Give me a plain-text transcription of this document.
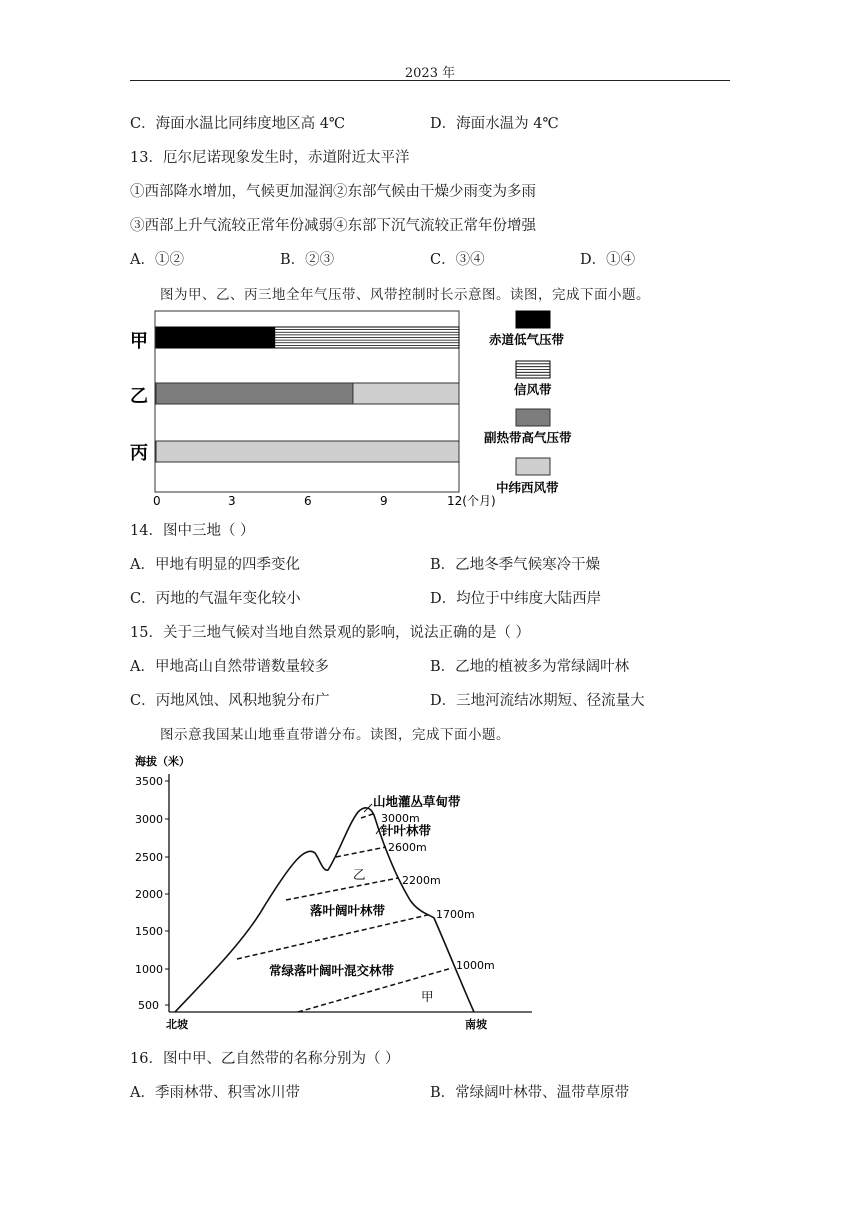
2023 年
C．海面水温比同纬度地区高 4℃	D．海面水温为 4℃
13．厄尔尼诺现象发生时，赤道附近太平洋
①西部降水增加，气候更加湿润②东部气候由干燥少雨变为多雨
③西部上升气流较正常年份减弱④东部下沉气流较正常年份增强
A．①②	B．②③	C．③④	D．①④
图为甲、乙、丙三地全年气压带、风带控制时长示意图。读图，完成下面小题。
甲
乙
丙
0	3	6	9	12(个月)
赤道低气压带
信风带
副热带高气压带
中纬西风带
14．图中三地（ ）
A．甲地有明显的四季变化	B．乙地冬季气候寒冷干燥
C．丙地的气温年变化较小	D．均位于中纬度大陆西岸
15．关于三地气候对当地自然景观的影响，说法正确的是（ ）
A．甲地高山自然带谱数量较多	B．乙地的植被多为常绿阔叶林
C．丙地风蚀、风积地貌分布广	D．三地河流结冰期短、径流量大
图示意我国某山地垂直带谱分布。读图，完成下面小题。
海拔（米）
3500
3000
2500
2000
1500
1000
500
山地灌丛草甸带
针叶林带
乙
落叶阔叶林带
常绿落叶阔叶混交林带
甲
3000m
2600m
2200m
1700m
1000m
北坡	南坡
16．图中甲、乙自然带的名称分别为（ ）
A．季雨林带、积雪冰川带	B．常绿阔叶林带、温带草原带
